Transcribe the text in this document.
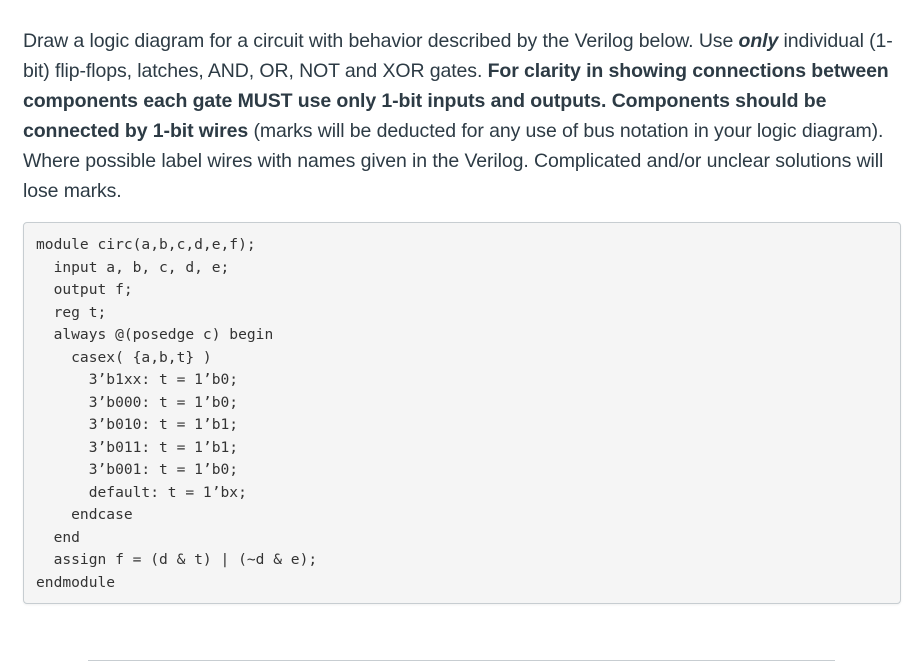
Draw a logic diagram for a circuit with behavior described by the Verilog below. Use only individual (1-bit) flip-flops, latches, AND, OR, NOT and XOR gates. For clarity in showing connections between components each gate MUST use only 1-bit inputs and outputs. Components should be connected by 1-bit wires (marks will be deducted for any use of bus notation in your logic diagram). Where possible label wires with names given in the Verilog. Complicated and/or unclear solutions will lose marks.

module circ(a,b,c,d,e,f);
input a, b, c, d, e;
output f;
reg t;
always @(posedge c) begin
casex( {a,b,t} )
3’b1xx: t = 1’b0;
3’b000: t = 1’b0;
3’b010: t = 1’b1;
3’b011: t = 1’b1;
3’b001: t = 1’b0;
default: t = 1’bx;
endcase
end
assign f = (d & t) | (~d & e);
endmodule
